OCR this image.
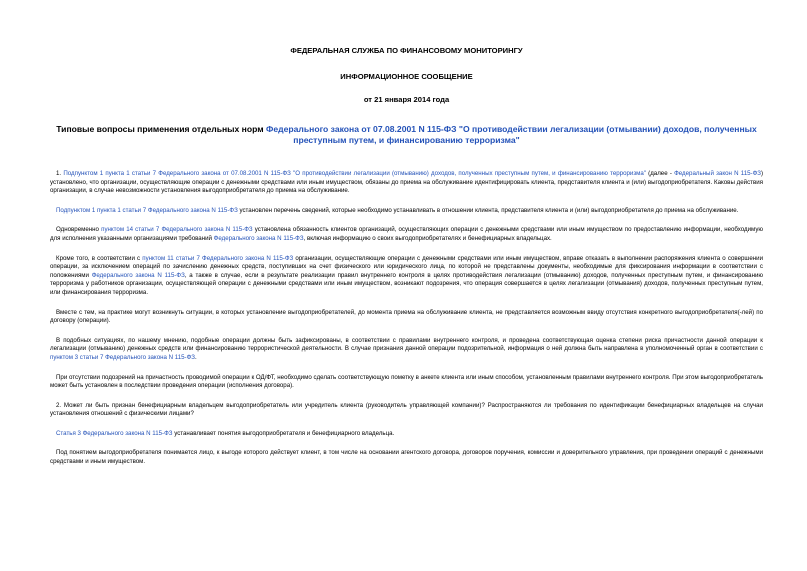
ФЕДЕРАЛЬНАЯ СЛУЖБА ПО ФИНАНСОВОМУ МОНИТОРИНГУ
ИНФОРМАЦИОННОЕ СООБЩЕНИЕ
от 21 января 2014 года
Типовые вопросы применения отдельных норм Федерального закона от 07.08.2001 N 115-ФЗ "О противодействии легализации (отмывании) доходов, полученных преступным путем, и финансированию терроризма"

1. Подпунктом 1 пункта 1 статьи 7 Федерального закона от 07.08.2001 N 115-ФЗ "О противодействии легализации (отмыванию) доходов, полученных преступным путем, и финансированию терроризма" (далее - Федеральный закон N 115-ФЗ) установлено, что организации, осуществляющие операции с денежными средствами или иным имуществом, обязаны до приема на обслуживание идентифицировать клиента, представителя клиента и (или) выгодоприобретателя. Каковы действия организации, в случае невозможности установления выгодоприобретателя до приема на обслуживание.

Подпунктом 1 пункта 1 статьи 7 Федерального закона N 115-ФЗ установлен перечень сведений, которые необходимо устанавливать в отношении клиента, представителя клиента и (или) выгодоприобретателя до приема на обслуживание.

Одновременно пунктом 14 статьи 7 Федерального закона N 115-ФЗ установлена обязанность клиентов организаций, осуществляющих операции с денежными средствами или иным имуществом по предоставлению информации, необходимую для исполнения указанными организациями требований Федерального закона N 115-ФЗ, включая информацию о своих выгодоприобретателях и бенефициарных владельцах.

Кроме того, в соответствии с пунктом 11 статьи 7 Федерального закона N 115-ФЗ организации, осуществляющие операции с денежными средствами или иным имуществом, вправе отказать в выполнении распоряжения клиента о совершении операции, за исключением операций по зачислению денежных средств, поступивших на счет физического или юридического лица, по которой не представлены документы, необходимые для фиксирования информации в соответствии с положениями Федерального закона N 115-ФЗ, а также в случае, если в результате реализации правил внутреннего контроля в целях противодействия легализации (отмыванию) доходов, полученных преступным путем, и финансированию терроризма у работников организации, осуществляющей операции с денежными средствами или иным имуществом, возникают подозрения, что операция совершается в целях легализации (отмывания) доходов, полученных преступным путем, или финансирования терроризма.

Вместе с тем, на практике могут возникнуть ситуации, в которых установление выгодоприобретателей, до момента приема на обслуживание клиента, не представляется возможным ввиду отсутствия конкретного выгодоприобретателя(-лей) по договору (операции).

В подобных ситуациях, по нашему мнению, подобные операции должны быть зафиксированы, в соответствии с правилами внутреннего контроля, и проведена соответствующая оценка степени риска причастности данной операции к легализации (отмыванию) денежных средств или финансированию террористической деятельности. В случае признания данной операции подозрительной, информация о ней должна быть направлена в уполномоченный орган в соответствии с пунктом 3 статьи 7 Федерального закона N 115-ФЗ.

При отсутствии подозрений на причастность проводимой операции к ОД/ФТ, необходимо сделать соответствующую пометку в анкете клиента или иным способом, установленным правилами внутреннего контроля. При этом выгодоприобретатель может быть установлен в последствии проведения операции (исполнения договора).

2. Может ли быть признан бенефициарным владельцем выгодоприобретатель или учредитель клиента (руководитель управляющей компании)? Распространяются ли требования по идентификации бенефициарных владельцев на случаи установления отношений с физическими лицами?

Статья 3 Федерального закона N 115-ФЗ устанавливает понятия выгодоприобретателя и бенефициарного владельца.

Под понятием выгодоприобретателя понимается лицо, к выгоде которого действует клиент, в том числе на основании агентского договора, договоров поручения, комиссии и доверительного управления, при проведении операций с денежными средствами и иным имуществом.
